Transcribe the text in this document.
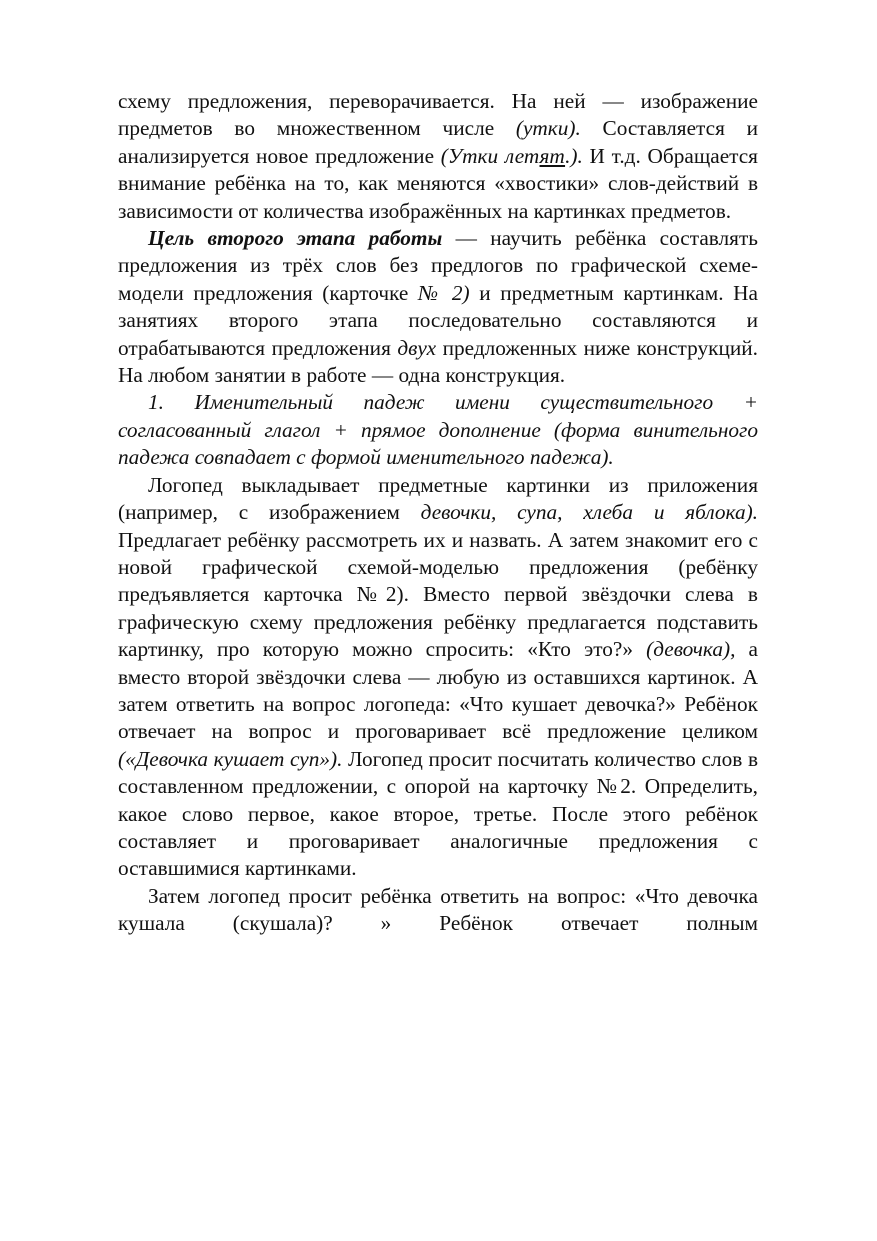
схему предложения, переворачивается. На ней — изображение предметов во множественном числе (утки). Составляется и анализируется новое предложение (Утки летят.). И т.д. Обращается внимание ребёнка на то, как меняются «хвостики» слов-действий в зависимости от количества изображённых на картинках предметов.

Цель второго этапа работы — научить ребёнка составлять предложения из трёх слов без предлогов по графической схеме-модели предложения (карточке № 2) и предметным картинкам. На занятиях второго этапа последовательно составляются и отрабатываются предложения двух предложенных ниже конструкций. На любом занятии в работе — одна конструкция.

1. Именительный падеж имени существительного + согласованный глагол + прямое дополнение (форма винительного падежа совпадает с формой именительного падежа).

Логопед выкладывает предметные картинки из приложения (например, с изображением девочки, супа, хлеба и яблока). Предлагает ребёнку рассмотреть их и назвать. А затем знакомит его с новой графической схемой-моделью предложения (ребёнку предъявляется карточка №2). Вместо первой звёздочки слева в графическую схему предложения ребёнку предлагается подставить картинку, про которую можно спросить: «Кто это?» (девочка), а вместо второй звёздочки слева — любую из оставшихся картинок. А затем ответить на вопрос логопеда: «Что кушает девочка?» Ребёнок отвечает на вопрос и проговаривает всё предложение целиком («Девочка кушает суп»). Логопед просит посчитать количество слов в составленном предложении, с опорой на карточку №2. Определить, какое слово первое, какое второе, третье. После этого ребёнок составляет и проговаривает аналогичные предложения с оставшимися картинками.

Затем логопед просит ребёнка ответить на вопрос: «Что девочка кушала (скушала)? » Ребёнок отвечает полным
